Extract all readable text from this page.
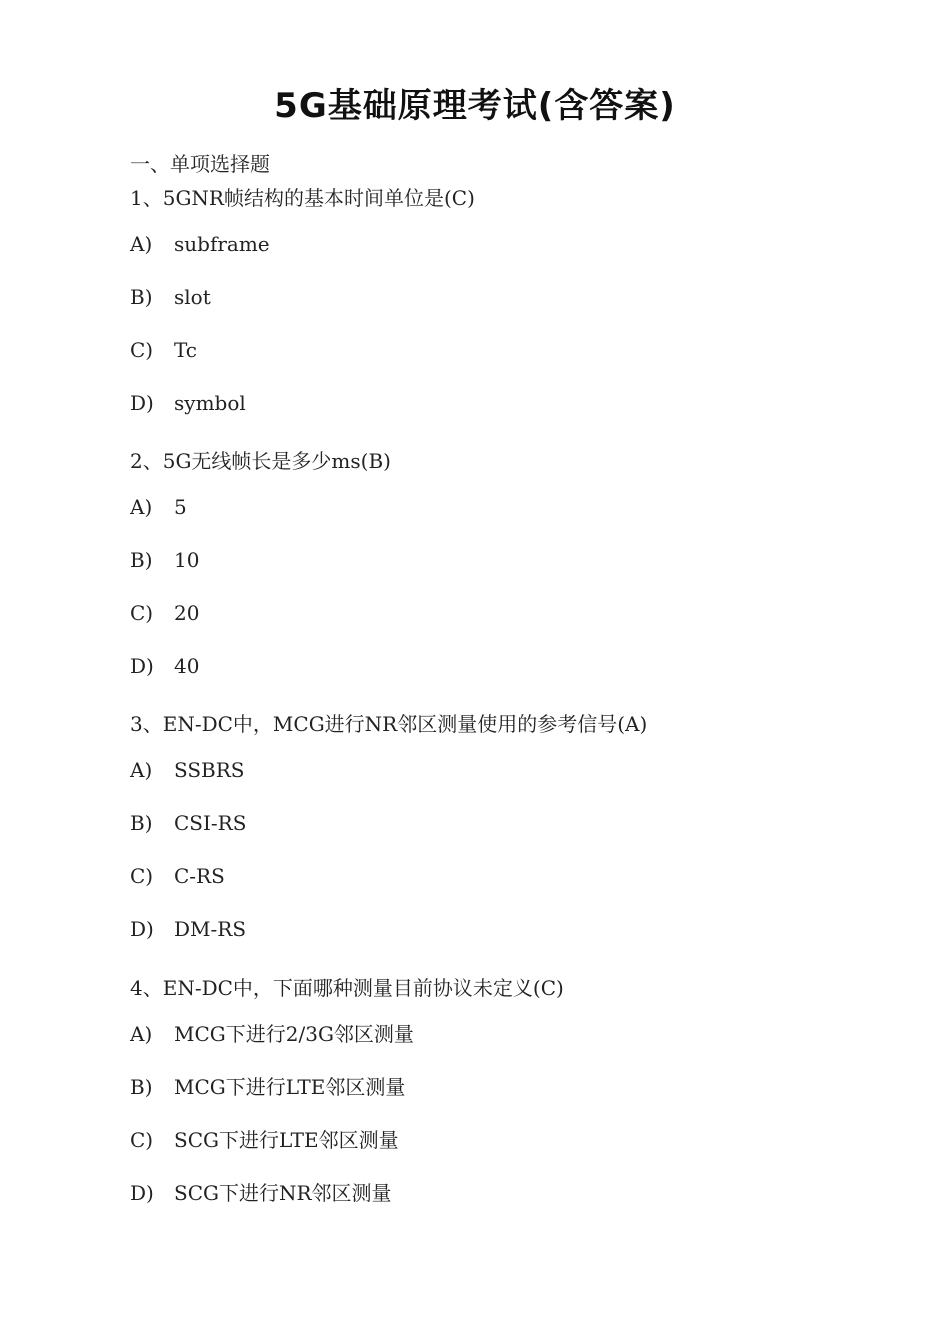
5G基础原理考试(含答案)
一、单项选择题
1、5GNR帧结构的基本时间单位是(C)
A) subframe
B) slot
C) Tc
D) symbol
2、5G无线帧长是多少ms(B)
A) 5
B) 10
C) 20
D) 40
3、EN-DC中，MCG进行NR邻区测量使用的参考信号(A)
A) SSBRS
B) CSI-RS
C) C-RS
D) DM-RS
4、EN-DC中，下面哪种测量目前协议未定义(C)
A) MCG下进行2/3G邻区测量
B) MCG下进行LTE邻区测量
C) SCG下进行LTE邻区测量
D) SCG下进行NR邻区测量
